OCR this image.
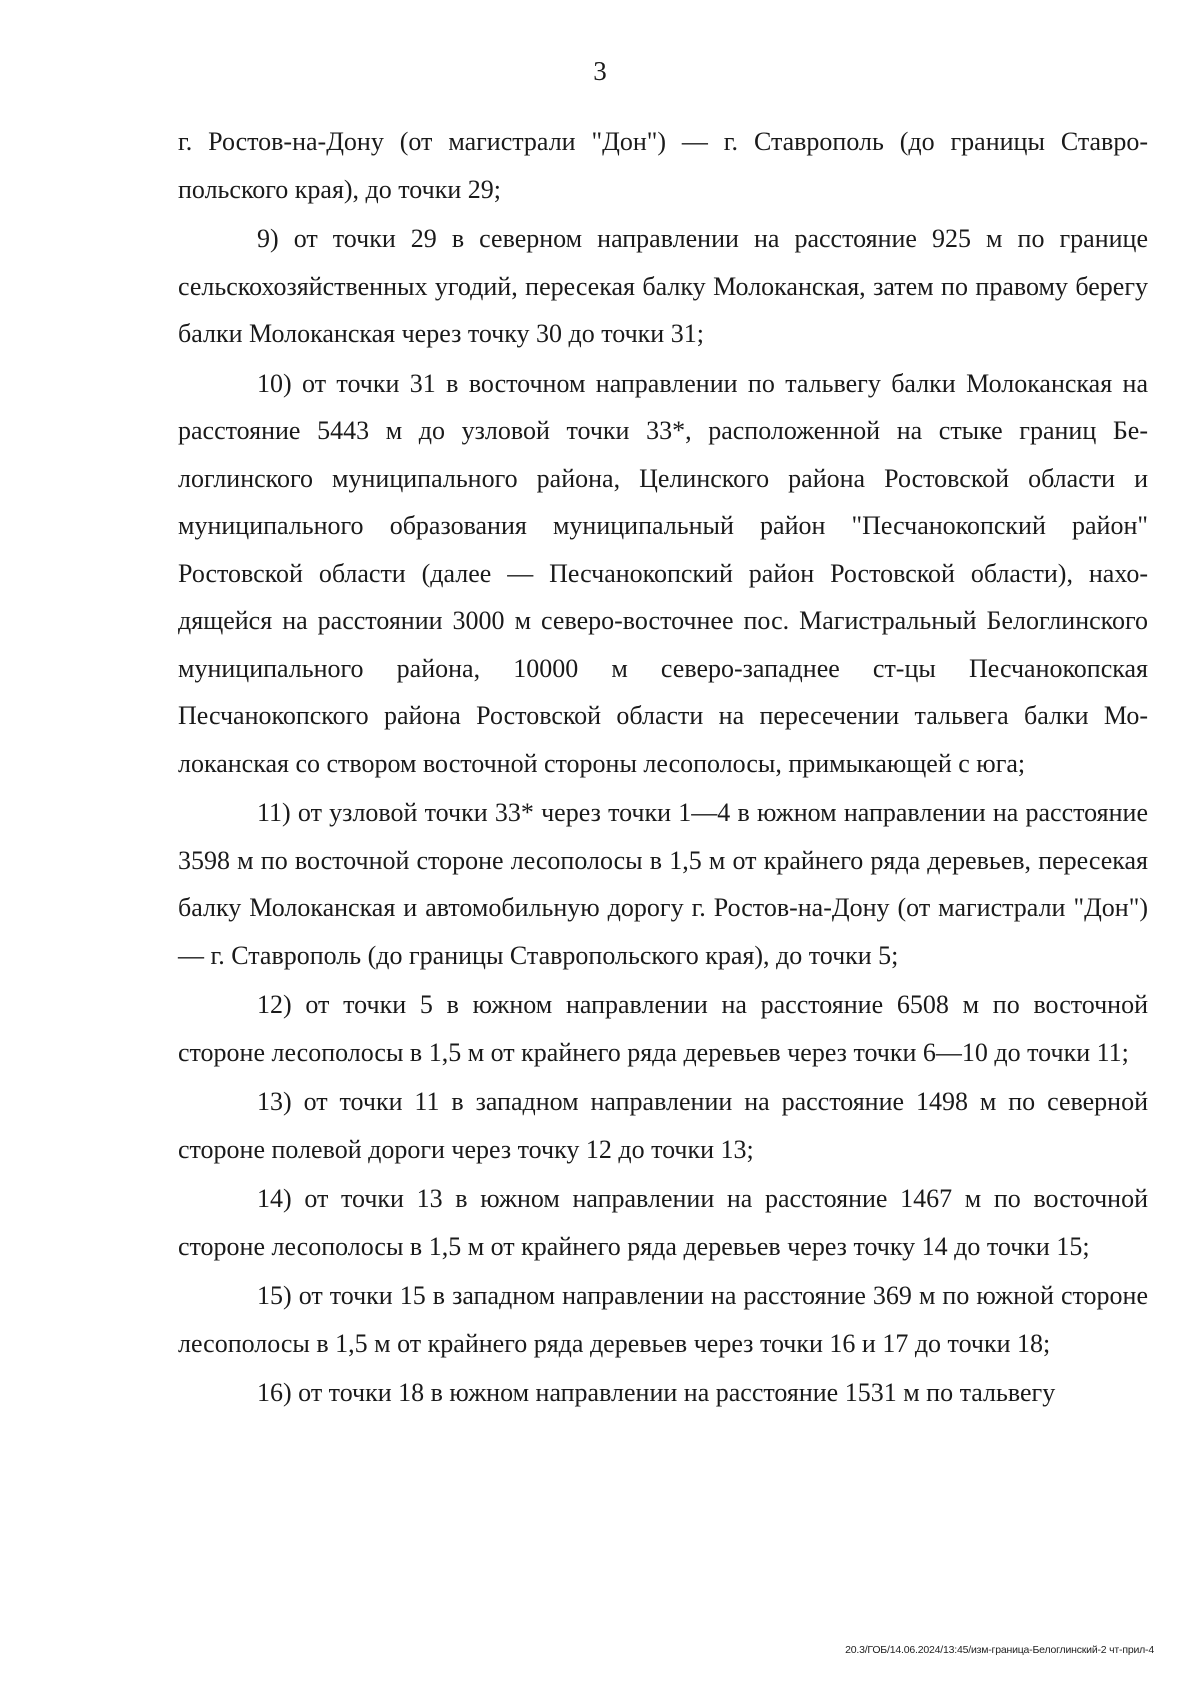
3

г. Ростов-на-Дону (от магистрали "Дон") — г. Ставрополь (до границы Ставропольского края), до точки 29;

9) от точки 29 в северном направлении на расстояние 925 м по границе сельскохозяйственных угодий, пересекая балку Молоканская, затем по правому берегу балки Молоканская через точку 30 до точки 31;

10) от точки 31 в восточном направлении по тальвегу балки Молоканская на расстояние 5443 м до узловой точки 33*, расположенной на стыке границ Белоглинского муниципального района, Целинского района Ростовской области и муниципального образования муниципальный район "Песчанокопский район" Ростовской области (далее — Песчанокопский район Ростовской области), находящейся на расстоянии 3000 м северо-восточнее пос. Магистральный Белоглинского муниципального района, 10000 м северо-западнее ст-цы Песчанокопская Песчанокопского района Ростовской области на пересечении тальвега балки Молоканская со створом восточной стороны лесополосы, примыкающей с юга;

11) от узловой точки 33* через точки 1—4 в южном направлении на расстояние 3598 м по восточной стороне лесополосы в 1,5 м от крайнего ряда деревьев, пересекая балку Молоканская и автомобильную дорогу г. Ростов-на-Дону (от магистрали "Дон") — г. Ставрополь (до границы Ставропольского края), до точки 5;

12) от точки 5 в южном направлении на расстояние 6508 м по восточной стороне лесополосы в 1,5 м от крайнего ряда деревьев через точки 6—10 до точки 11;

13) от точки 11 в западном направлении на расстояние 1498 м по северной стороне полевой дороги через точку 12 до точки 13;

14) от точки 13 в южном направлении на расстояние 1467 м по восточной стороне лесополосы в 1,5 м от крайнего ряда деревьев через точку 14 до точки 15;

15) от точки 15 в западном направлении на расстояние 369 м по южной стороне лесополосы в 1,5 м от крайнего ряда деревьев через точки 16 и 17 до точки 18;

16) от точки 18 в южном направлении на расстояние 1531 м по тальвегу

20.3/ГОБ/14.06.2024/13:45/изм-граница-Белоглинский-2 чт-прил-4
